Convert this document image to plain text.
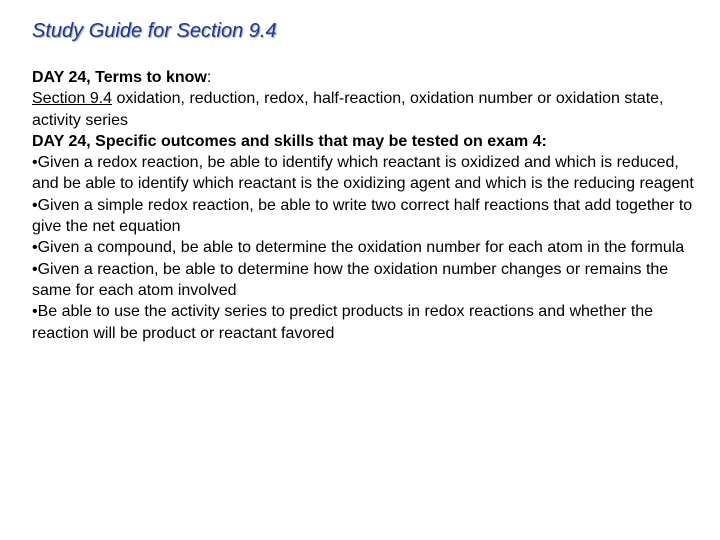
Study Guide for Section 9.4
DAY 24, Terms to know:
Section 9.4 oxidation, reduction, redox, half-reaction, oxidation number or oxidation state, activity series
DAY 24, Specific outcomes and skills that may be tested on exam 4:
•Given a redox reaction, be able to identify which reactant is oxidized and which is reduced, and be able to identify which reactant is the oxidizing agent and which is the reducing reagent
•Given a simple redox reaction, be able to write two correct half reactions that add together to give the net equation
•Given a compound, be able to determine the oxidation number for each atom in the formula
•Given a reaction, be able to determine how the oxidation number changes or remains the same for each atom involved
•Be able to use the activity series to predict products in redox reactions and whether the reaction will be product or reactant favored
